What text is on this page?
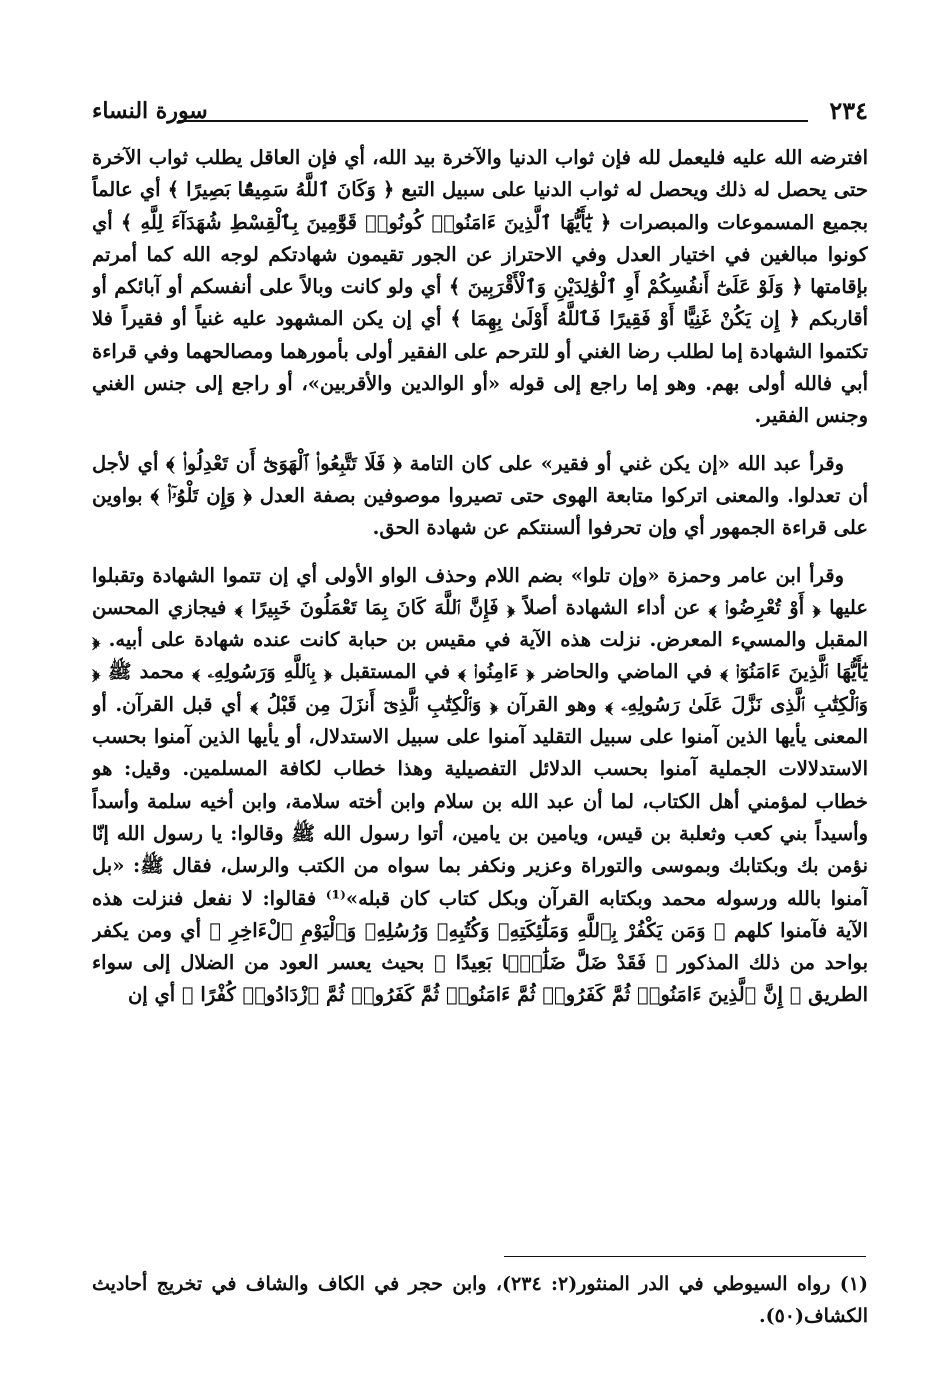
٢٣٤
سورة النساء

افترضه الله عليه فليعمل لله فإن ثواب الدنيا والآخرة بيد الله، أي فإن العاقل يطلب ثواب الآخرة حتى يحصل له ذلك ويحصل له ثواب الدنيا على سبيل التبع ﴿ وَكَانَ ٱللَّهُ سَمِيعًۢا بَصِيرًا ﴾ أي عالماً بجميع المسموعات والمبصرات ﴿ يَٰٓأَيُّهَا ٱلَّذِينَ ءَامَنُوا۟ كُونُوا۟ قَوَّٰمِينَ بِٱلْقِسْطِ شُهَدَآءَ لِلَّهِ ﴾ أي كونوا مبالغين في اختيار العدل وفي الاحتراز عن الجور تقيمون شهادتكم لوجه الله كما أمرتم بإقامتها ﴿ وَلَوْ عَلَىٰٓ أَنفُسِكُمْ أَوِ ٱلْوَٰلِدَيْنِ وَٱلْأَقْرَبِينَ ﴾ أي ولو كانت وبالاً على أنفسكم أو آبائكم أو أقاربكم ﴿ إِن يَكُنْ غَنِيًّا أَوْ فَقِيرًا فَٱللَّهُ أَوْلَىٰ بِهِمَا ﴾ أي إن يكن المشهود عليه غنياً أو فقيراً فلا تكتموا الشهادة إما لطلب رضا الغني أو للترحم على الفقير أولى بأمورهما ومصالحهما وفي قراءة أبي فالله أولى بهم. وهو إما راجع إلى قوله «أو الوالدين والأقربين»، أو راجع إلى جنس الغني وجنس الفقير.

وقرأ عبد الله «إن يكن غني أو فقير» على كان التامة ﴿ فَلَا تَتَّبِعُوا۟ ٱلْهَوَىٰٓ أَن تَعْدِلُوا۟ ﴾ أي لأجل أن تعدلوا. والمعنى اتركوا متابعة الهوى حتى تصيروا موصوفين بصفة العدل ﴿ وَإِن تَلْوُۥٓا۟ ﴾ بواوين على قراءة الجمهور أي وإن تحرفوا ألسنتكم عن شهادة الحق.

وقرأ ابن عامر وحمزة «وإن تلوا» بضم اللام وحذف الواو الأولى أي إن تتموا الشهادة وتقبلوا عليها ﴿ أَوْ تُعْرِضُوا۟ ﴾ عن أداء الشهادة أصلاً ﴿ فَإِنَّ ٱللَّهَ كَانَ بِمَا تَعْمَلُونَ خَبِيرًا ﴾ فيجازي المحسن المقبل والمسيء المعرض. نزلت هذه الآية في مقيس بن حبابة كانت عنده شهادة على أبيه. ﴿ يَٰٓأَيُّهَا ٱلَّذِينَ ءَامَنُوٓا۟ ﴾ في الماضي والحاضر ﴿ ءَامِنُوا۟ ﴾ في المستقبل ﴿ بِٱللَّهِ وَرَسُولِهِۦ ﴾ محمد ﷺ ﴿ وَٱلْكِتَٰبِ ٱلَّذِى نَزَّلَ عَلَىٰ رَسُولِهِۦ ﴾ وهو القرآن ﴿ وَٱلْكِتَٰبِ ٱلَّذِىٓ أَنزَلَ مِن قَبْلُ ﴾ أي قبل القرآن. أو المعنى يأيها الذين آمنوا على سبيل التقليد آمنوا على سبيل الاستدلال، أو يأيها الذين آمنوا بحسب الاستدلالات الجملية آمنوا بحسب الدلائل التفصيلية وهذا خطاب لكافة المسلمين. وقيل: هو خطاب لمؤمني أهل الكتاب، لما أن عبد الله بن سلام وابن أخته سلامة، وابن أخيه سلمة وأسداً وأسيداً بني كعب وثعلبة بن قيس، ويامين بن يامين، أتوا رسول الله ﷺ وقالوا: يا رسول الله إنّا نؤمن بك وبكتابك وبموسى والتوراة وعزير ونكفر بما سواه من الكتب والرسل، فقال ﷺ: «بل آمنوا بالله ورسوله محمد وبكتابه القرآن وبكل كتاب كان قبله»⁽¹⁾ فقالوا: لا نفعل فنزلت هذه الآية فآمنوا كلهم ﴿ وَمَن يَكْفُرْ بِٱللَّهِ وَمَلَٰٓئِكَتِهِۦ وَكُتُبِهِۦ وَرُسُلِهِۦ وَٱلْيَوْمِ ٱلْءَاخِرِ ﴾ أي ومن يكفر بواحد من ذلك المذكور ﴿ فَقَدْ ضَلَّ ضَلَٰلًۢا بَعِيدًا ﴾ بحيث يعسر العود من الضلال إلى سواء الطريق ﴿ إِنَّ ٱلَّذِينَ ءَامَنُوا۟ ثُمَّ كَفَرُوا۟ ثُمَّ ءَامَنُوا۟ ثُمَّ كَفَرُوا۟ ثُمَّ ٱزْدَادُوا۟ كُفْرًا ﴾ أي إن

(١) رواه السيوطي في الدر المنثور(٢: ٢٣٤)، وابن حجر في الكاف والشاف في تخريج أحاديث الكشاف(٥٠).
